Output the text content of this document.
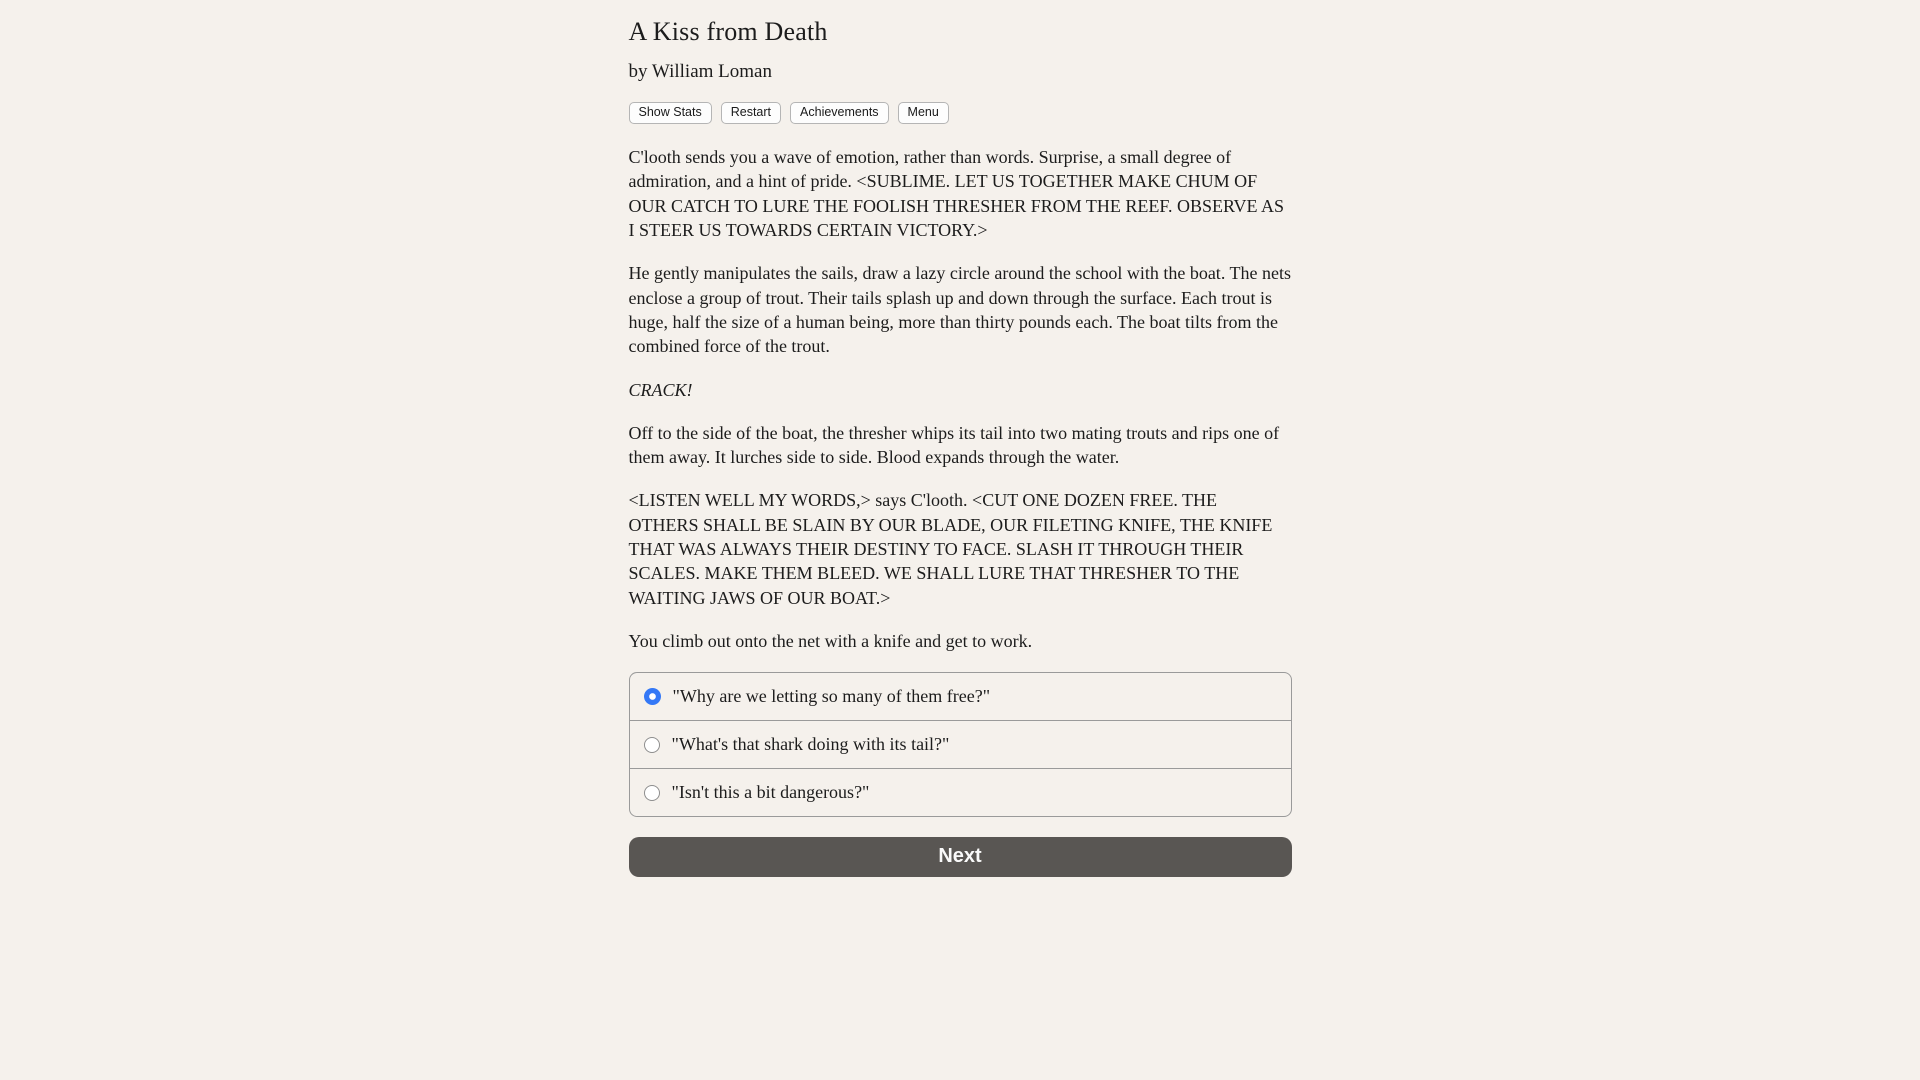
A Kiss from Death
by William Loman
Show Stats	Restart	Achievements	Menu

C'looth sends you a wave of emotion, rather than words. Surprise, a small degree of admiration, and a hint of pride. <SUBLIME. LET US TOGETHER MAKE CHUM OF OUR CATCH TO LURE THE FOOLISH THRESHER FROM THE REEF. OBSERVE AS I STEER US TOWARDS CERTAIN VICTORY.>

He gently manipulates the sails, draw a lazy circle around the school with the boat. The nets enclose a group of trout. Their tails splash up and down through the surface. Each trout is huge, half the size of a human being, more than thirty pounds each. The boat tilts from the combined force of the trout.

CRACK!

Off to the side of the boat, the thresher whips its tail into two mating trouts and rips one of them away. It lurches side to side. Blood expands through the water.

<LISTEN WELL MY WORDS,> says C'looth. <CUT ONE DOZEN FREE. THE OTHERS SHALL BE SLAIN BY OUR BLADE, OUR FILETING KNIFE, THE KNIFE THAT WAS ALWAYS THEIR DESTINY TO FACE. SLASH IT THROUGH THEIR SCALES. MAKE THEM BLEED. WE SHALL LURE THAT THRESHER TO THE WAITING JAWS OF OUR BOAT.>

You climb out onto the net with a knife and get to work.

"Why are we letting so many of them free?"
"What's that shark doing with its tail?"
"Isn't this a bit dangerous?"
Next
